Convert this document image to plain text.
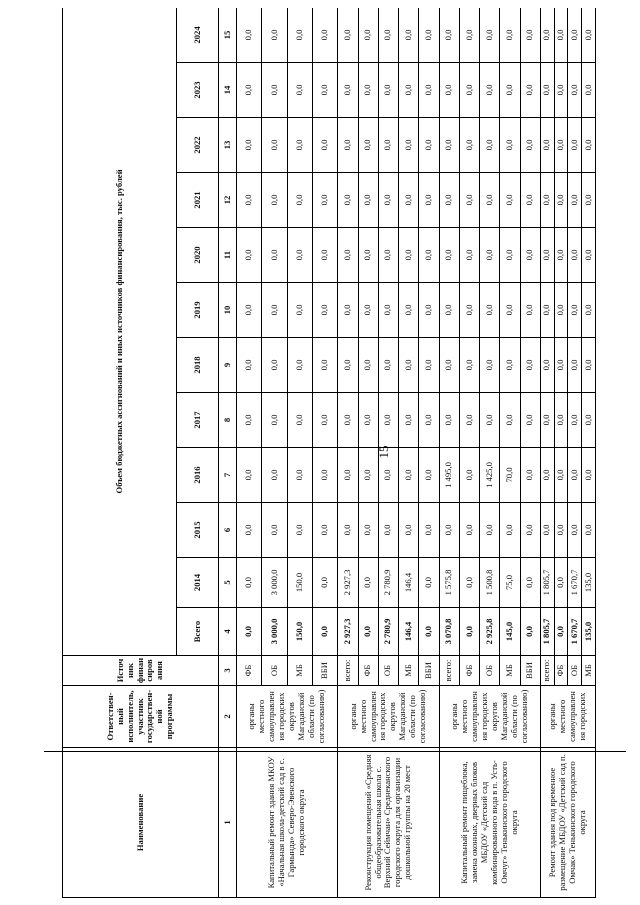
15
Наименование	Ответствен-ный исполнитель, участник государствен-ной программы	Источ ник финан сиров ания	Объем бюджетных ассигнований и иных источников финансирования, тыс. рублей											
			Всего	2014	2015	2016	2017	2018	2019	2020	2021	2022	2023	2024
1	2	3	4	5	6	7	8	9	10	11	12	13	14	15
Капитальный ремонт здания МКОУ «Начальная школа-детский сад в с. Гармында» Северо-Эвенского городского округа	органы местного самоуправлен ия городских округов Магаданской области (по согласованию)	ФБ	0,0	0,0	0,0	0,0	0,0	0,0	0,0	0,0	0,0	0,0	0,0	0,0
		ОБ	3 000,0	3 000,0	0,0	0,0	0,0	0,0	0,0	0,0	0,0	0,0	0,0	0,0
		МБ	150,0	150,0	0,0	0,0	0,0	0,0	0,0	0,0	0,0	0,0	0,0	0,0
		ВБИ	0,0	0,0	0,0	0,0	0,0	0,0	0,0	0,0	0,0	0,0	0,0	0,0
Реконструкция помещений «Средняя общеобразовательная школа с. Верхний Сеймчан» Среднеканского городского округа для организации дошкольной группы на 20 мест	органы местного самоуправлен ия городских округов Магаданской области (по согласованию)	всего:	2 927,3	2 927,3	0,0	0,0	0,0	0,0	0,0	0,0	0,0	0,0	0,0	0,0
		ФБ	0,0	0,0	0,0	0,0	0,0	0,0	0,0	0,0	0,0	0,0	0,0	0,0
		ОБ	2 780,9	2 780,9	0,0	0,0	0,0	0,0	0,0	0,0	0,0	0,0	0,0	0,0
		МБ	146,4	146,4	0,0	0,0	0,0	0,0	0,0	0,0	0,0	0,0	0,0	0,0
		ВБИ	0,0	0,0	0,0	0,0	0,0	0,0	0,0	0,0	0,0	0,0	0,0	0,0
Капитальный ремонт пищеблока, замена оконных, дверных блоков МБДОУ «Детский сад комбинированного вида в п. Усть-Омчуг» Тенькинского городского округа	органы местного самоуправлен ия городских округов Магаданской области (по согласованию)	всего:	3 070,8	1 575,8	0,0	1 495,0	0,0	0,0	0,0	0,0	0,0	0,0	0,0	0,0
		ФБ	0,0	0,0	0,0	0,0	0,0	0,0	0,0	0,0	0,0	0,0	0,0	0,0
		ОБ	2 925,8	1 500,8	0,0	1 425,0	0,0	0,0	0,0	0,0	0,0	0,0	0,0	0,0
		МБ	145,0	75,0	0,0	70,0	0,0	0,0	0,0	0,0	0,0	0,0	0,0	0,0
		ВБИ	0,0	0,0	0,0	0,0	0,0	0,0	0,0	0,0	0,0	0,0	0,0	0,0
Ремонт здания под временное размещение МБДОУ «Детский сад п. Омчак» Тенькинского городского округа	органы местного самоуправлен ия городских	всего:	1 805,7	1 805,7	0,0	0,0	0,0	0,0	0,0	0,0	0,0	0,0	0,0	0,0
		ФБ	0,0	0,0	0,0	0,0	0,0	0,0	0,0	0,0	0,0	0,0	0,0	0,0
		ОБ	1 670,7	1 670,7	0,0	0,0	0,0	0,0	0,0	0,0	0,0	0,0	0,0	0,0
		МБ	135,0	135,0	0,0	0,0	0,0	0,0	0,0	0,0	0,0	0,0	0,0	0,0
